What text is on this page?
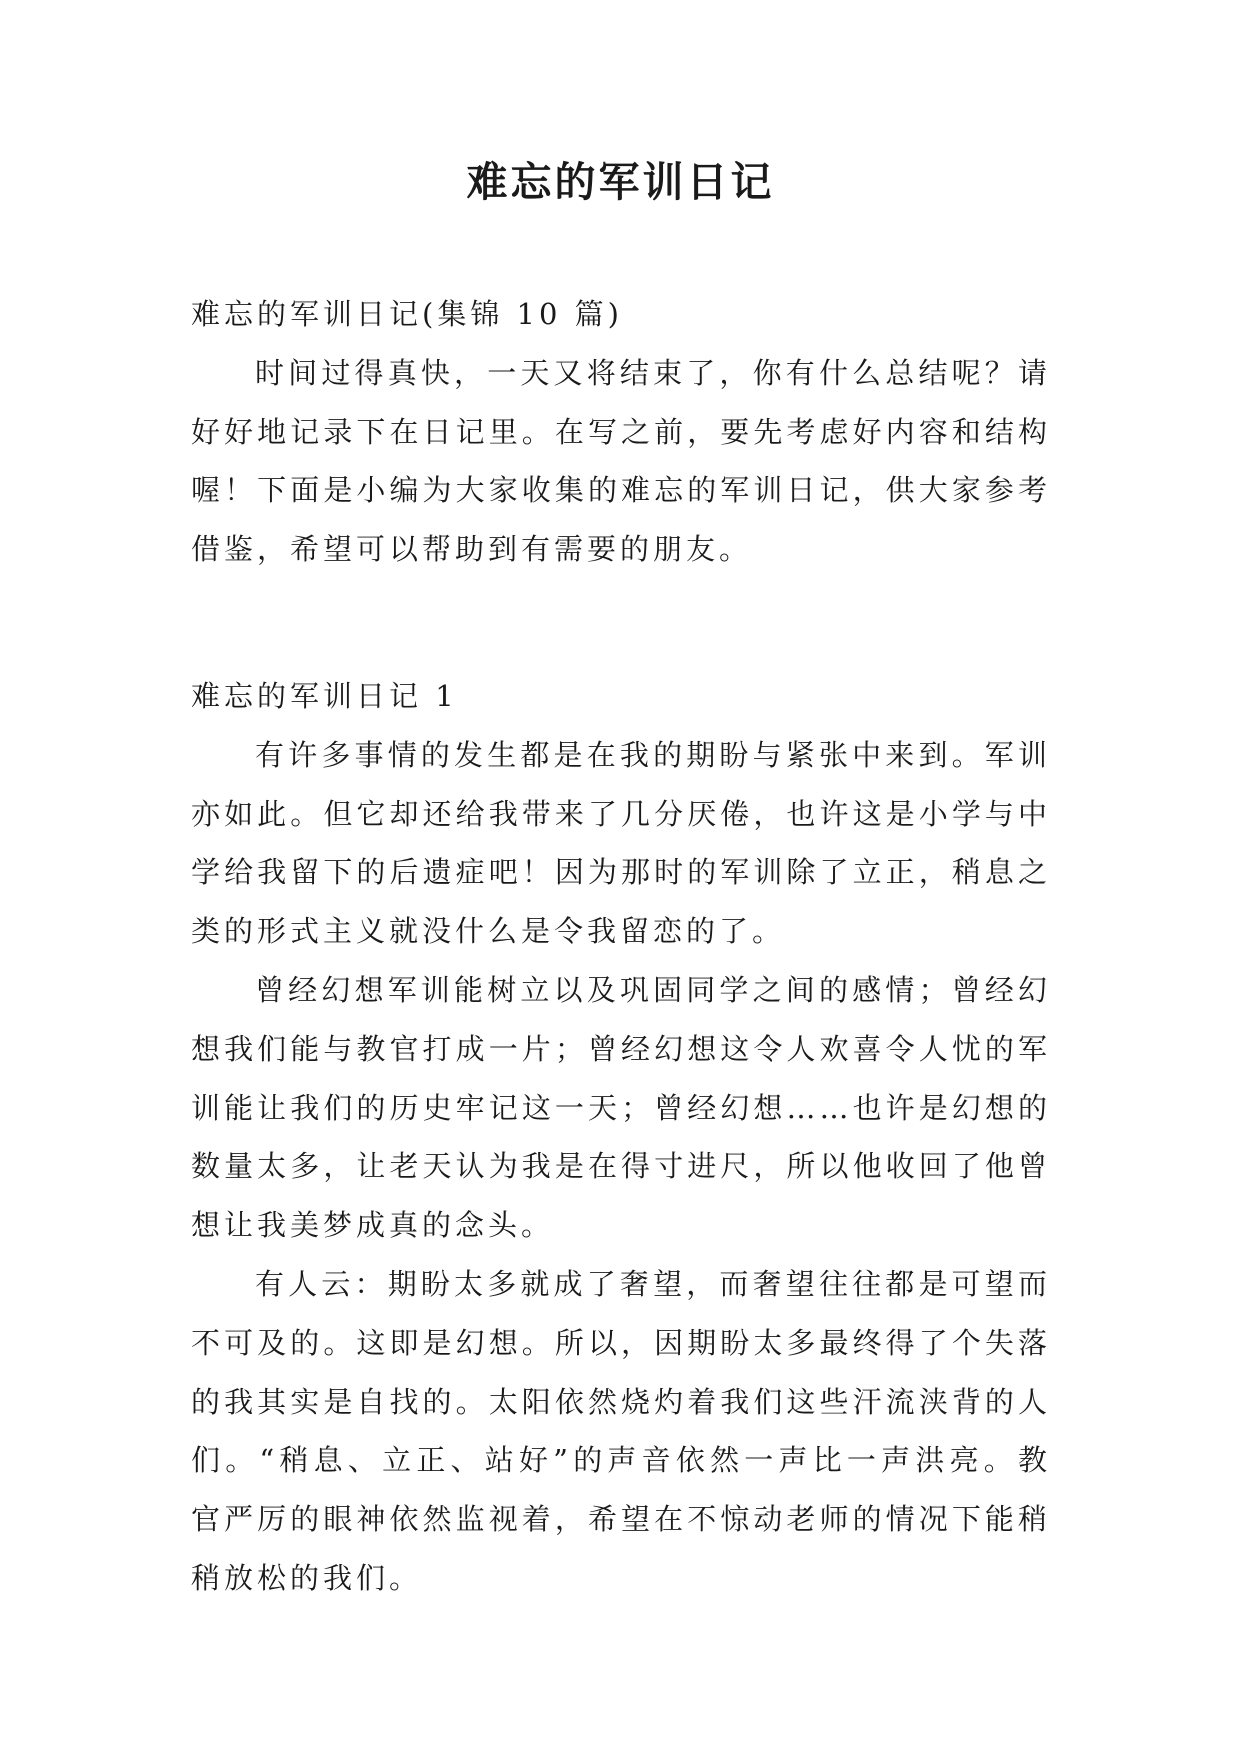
难忘的军训日记

难忘的军训日记(集锦 10 篇)

时间过得真快，一天又将结束了，你有什么总结呢？请好好地记录下在日记里。在写之前，要先考虑好内容和结构喔！下面是小编为大家收集的难忘的军训日记，供大家参考借鉴，希望可以帮助到有需要的朋友。

难忘的军训日记 1

有许多事情的发生都是在我的期盼与紧张中来到。军训亦如此。但它却还给我带来了几分厌倦，也许这是小学与中学给我留下的后遗症吧！因为那时的军训除了立正，稍息之类的形式主义就没什么是令我留恋的了。

曾经幻想军训能树立以及巩固同学之间的感情；曾经幻想我们能与教官打成一片；曾经幻想这令人欢喜令人忧的军训能让我们的历史牢记这一天；曾经幻想……也许是幻想的数量太多，让老天认为我是在得寸进尺，所以他收回了他曾想让我美梦成真的念头。

有人云：期盼太多就成了奢望，而奢望往往都是可望而不可及的。这即是幻想。所以，因期盼太多最终得了个失落的我其实是自找的。太阳依然烧灼着我们这些汗流浃背的人们。“稍息、立正、站好”的声音依然一声比一声洪亮。教官严厉的眼神依然监视着，希望在不惊动老师的情况下能稍稍放松的我们。
